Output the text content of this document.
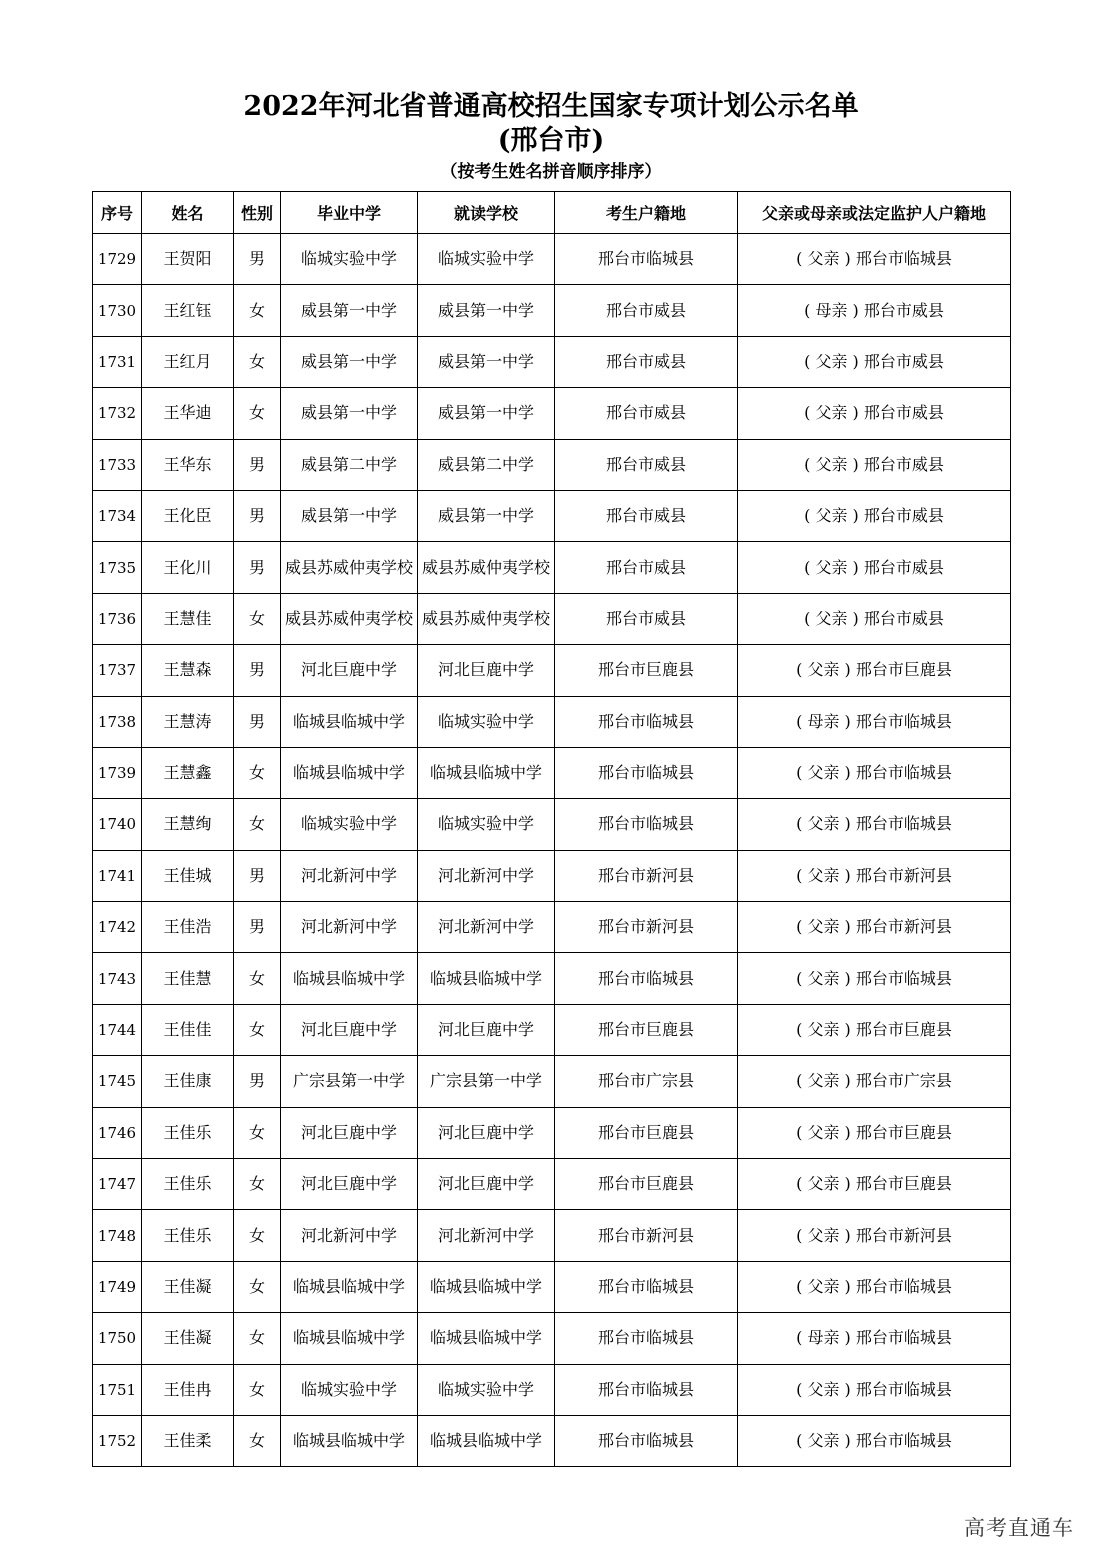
2022年河北省普通高校招生国家专项计划公示名单
(邢台市)
（按考生姓名拼音顺序排序）
序号	姓名	性别	毕业中学	就读学校	考生户籍地	父亲或母亲或法定监护人户籍地
1729	王贺阳	男	临城实验中学	临城实验中学	邢台市临城县	( 父亲 ) 邢台市临城县
1730	王红钰	女	威县第一中学	威县第一中学	邢台市威县	( 母亲 ) 邢台市威县
1731	王红月	女	威县第一中学	威县第一中学	邢台市威县	( 父亲 ) 邢台市威县
1732	王华迪	女	威县第一中学	威县第一中学	邢台市威县	( 父亲 ) 邢台市威县
1733	王华东	男	威县第二中学	威县第二中学	邢台市威县	( 父亲 ) 邢台市威县
1734	王化臣	男	威县第一中学	威县第一中学	邢台市威县	( 父亲 ) 邢台市威县
1735	王化川	男	威县苏威仲夷学校	威县苏威仲夷学校	邢台市威县	( 父亲 ) 邢台市威县
1736	王慧佳	女	威县苏威仲夷学校	威县苏威仲夷学校	邢台市威县	( 父亲 ) 邢台市威县
1737	王慧森	男	河北巨鹿中学	河北巨鹿中学	邢台市巨鹿县	( 父亲 ) 邢台市巨鹿县
1738	王慧涛	男	临城县临城中学	临城实验中学	邢台市临城县	( 母亲 ) 邢台市临城县
1739	王慧鑫	女	临城县临城中学	临城县临城中学	邢台市临城县	( 父亲 ) 邢台市临城县
1740	王慧绚	女	临城实验中学	临城实验中学	邢台市临城县	( 父亲 ) 邢台市临城县
1741	王佳城	男	河北新河中学	河北新河中学	邢台市新河县	( 父亲 ) 邢台市新河县
1742	王佳浩	男	河北新河中学	河北新河中学	邢台市新河县	( 父亲 ) 邢台市新河县
1743	王佳慧	女	临城县临城中学	临城县临城中学	邢台市临城县	( 父亲 ) 邢台市临城县
1744	王佳佳	女	河北巨鹿中学	河北巨鹿中学	邢台市巨鹿县	( 父亲 ) 邢台市巨鹿县
1745	王佳康	男	广宗县第一中学	广宗县第一中学	邢台市广宗县	( 父亲 ) 邢台市广宗县
1746	王佳乐	女	河北巨鹿中学	河北巨鹿中学	邢台市巨鹿县	( 父亲 ) 邢台市巨鹿县
1747	王佳乐	女	河北巨鹿中学	河北巨鹿中学	邢台市巨鹿县	( 父亲 ) 邢台市巨鹿县
1748	王佳乐	女	河北新河中学	河北新河中学	邢台市新河县	( 父亲 ) 邢台市新河县
1749	王佳凝	女	临城县临城中学	临城县临城中学	邢台市临城县	( 父亲 ) 邢台市临城县
1750	王佳凝	女	临城县临城中学	临城县临城中学	邢台市临城县	( 母亲 ) 邢台市临城县
1751	王佳冉	女	临城实验中学	临城实验中学	邢台市临城县	( 父亲 ) 邢台市临城县
1752	王佳柔	女	临城县临城中学	临城县临城中学	邢台市临城县	( 父亲 ) 邢台市临城县
高考直通车
